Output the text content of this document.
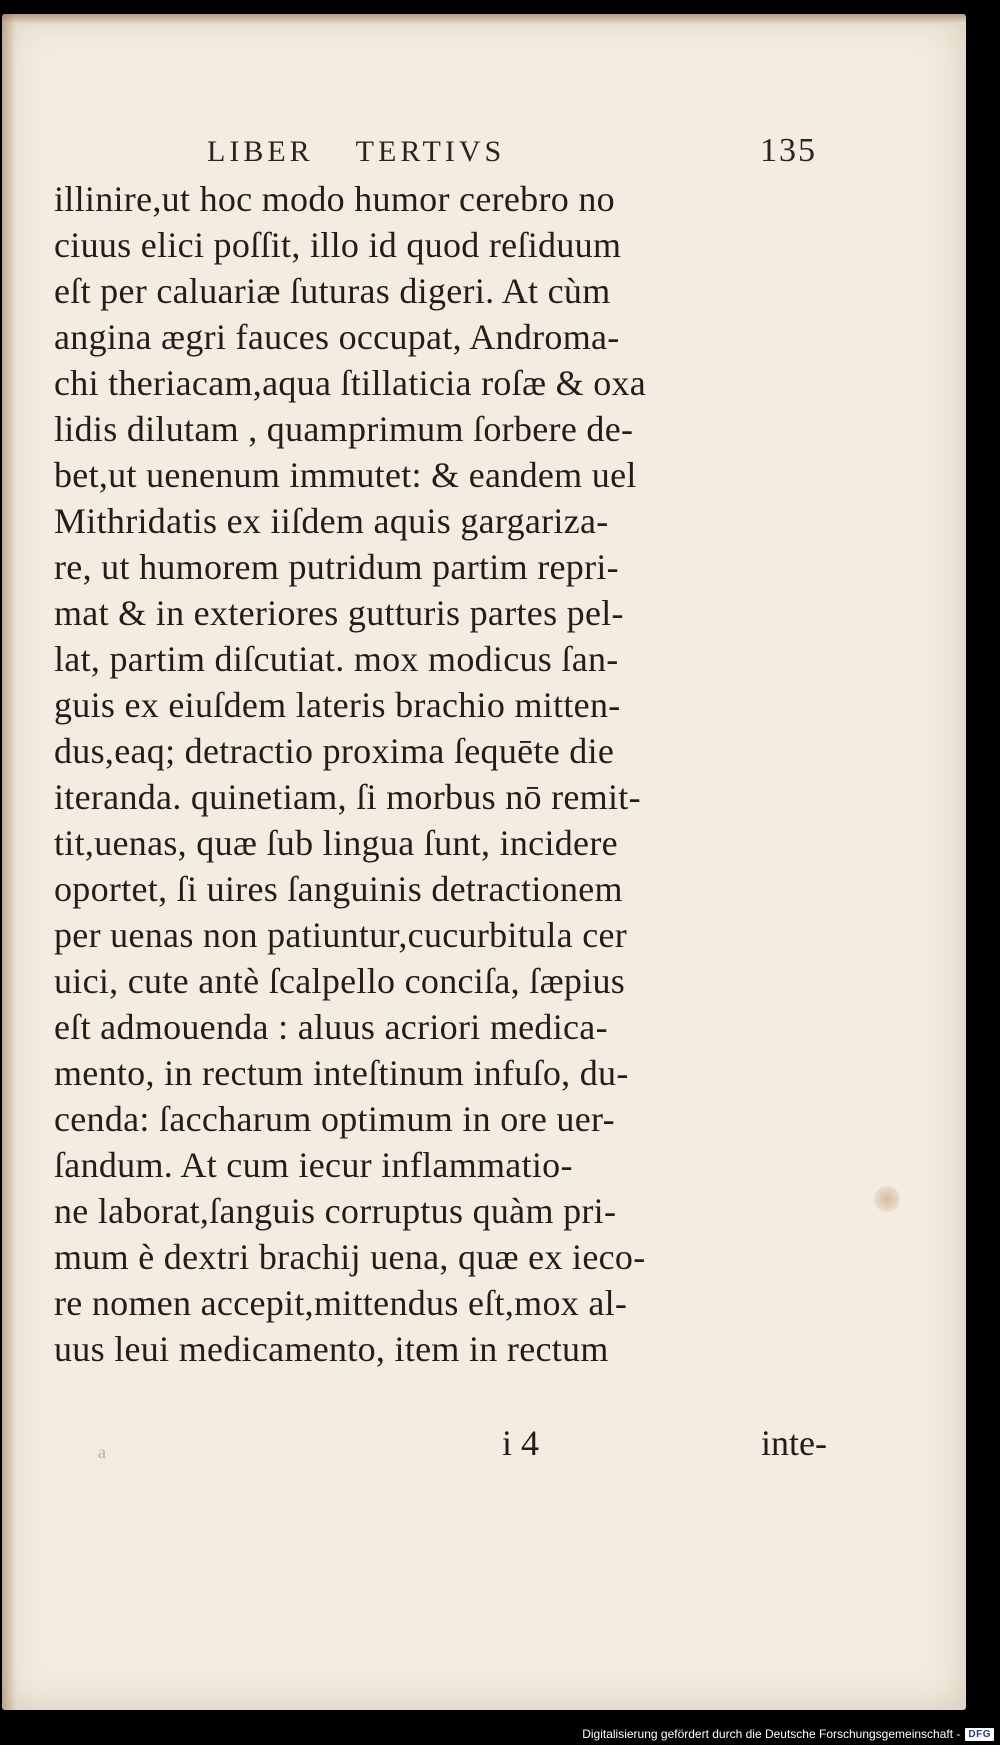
LIBER TERTIVS	135
illinire,ut hoc modo humor cerebro no
ciuus elici poſſit, illo id quod reſiduum
eſt per caluariæ ſuturas digeri. At cùm
angina ægri fauces occupat, Androma-
chi theriacam,aqua ſtillaticia roſæ & oxa
lidis dilutam , quamprimum ſorbere de-
bet,ut uenenum immutet: & eandem uel
Mithridatis ex iiſdem aquis gargariza-
re, ut humorem putridum partim repri-
mat & in exteriores gutturis partes pel-
lat, partim diſcutiat. mox modicus ſan-
guis ex eiuſdem lateris brachio mitten-
dus,eaq; detractio proxima ſequēte die
iteranda. quinetiam, ſi morbus nō remit-
tit,uenas, quæ ſub lingua ſunt, incidere
oportet, ſi uires ſanguinis detractionem
per uenas non patiuntur,cucurbitula cer
uici, cute antè ſcalpello conciſa, ſæpius
eſt admouenda : aluus acriori medica-
mento, in rectum inteſtinum infuſo, du-
cenda: ſaccharum optimum in ore uer-
ſandum. At cum iecur inflammatio-
ne laborat,ſanguis corruptus quàm pri-
mum è dextri brachij uena, quæ ex ieco-
re nomen accepit,mittendus eſt,mox al-
uus leui medicamento, item in rectum
a	i 4	inte-
Digitalisierung gefördert durch die Deutsche Forschungsgemeinschaft - DFG
